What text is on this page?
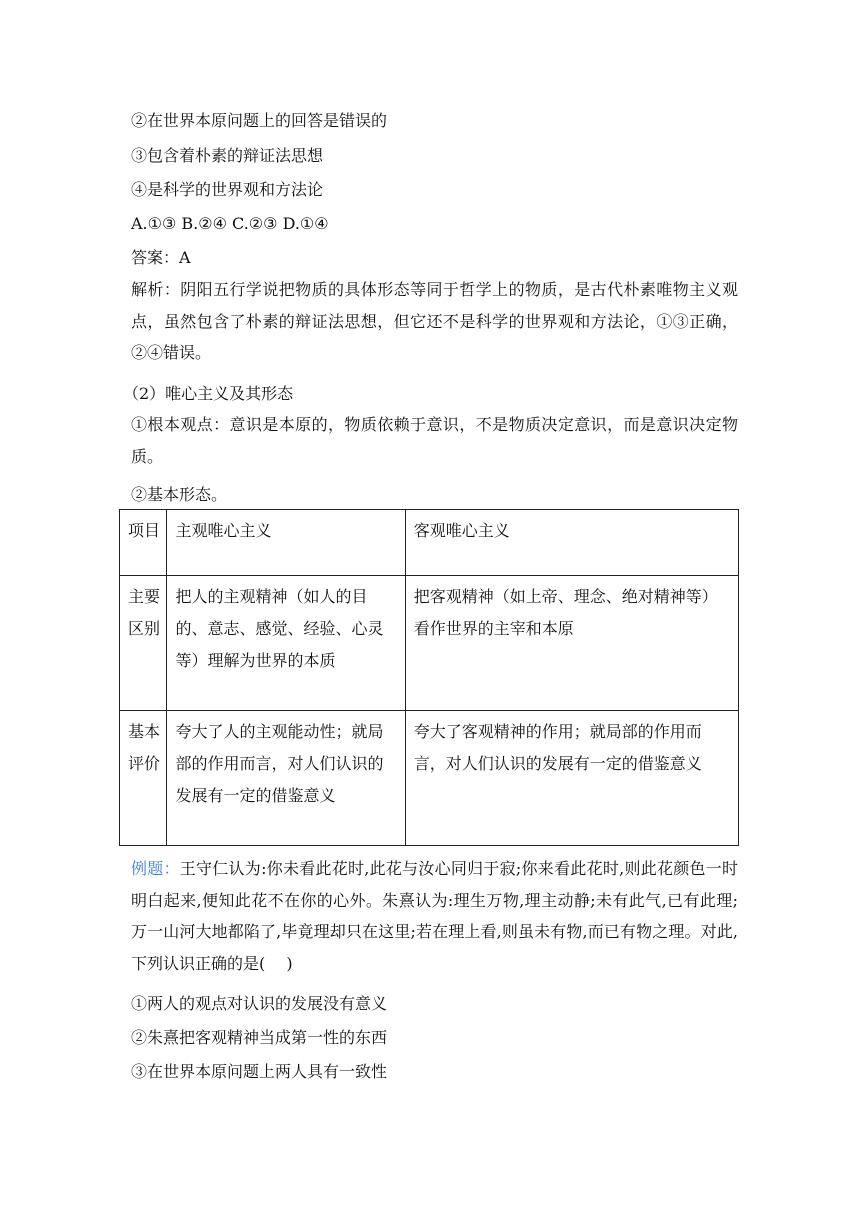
②在世界本原问题上的回答是错误的
③包含着朴素的辩证法思想
④是科学的世界观和方法论
A.①③ B.②④ C.②③ D.①④
答案：A
解析：阴阳五行学说把物质的具体形态等同于哲学上的物质，是古代朴素唯物主义观点，虽然包含了朴素的辩证法思想，但它还不是科学的世界观和方法论，①③正确，②④错误。
（2）唯心主义及其形态
①根本观点：意识是本原的，物质依赖于意识，不是物质决定意识，而是意识决定物质。
②基本形态。
项目	主观唯心主义	客观唯心主义
主要区别	把人的主观精神（如人的目的、意志、感觉、经验、心灵等）理解为世界的本质	把客观精神（如上帝、理念、绝对精神等）看作世界的主宰和本原
基本评价	夸大了人的主观能动性；就局部的作用而言，对人们认识的发展有一定的借鉴意义	夸大了客观精神的作用；就局部的作用而言，对人们认识的发展有一定的借鉴意义
例题：王守仁认为:你未看此花时,此花与汝心同归于寂;你来看此花时,则此花颜色一时明白起来,便知此花不在你的心外。朱熹认为:理生万物,理主动静;未有此气,已有此理;万一山河大地都陷了,毕竟理却只在这里;若在理上看,则虽未有物,而已有物之理。对此,下列认识正确的是(　 )
①两人的观点对认识的发展没有意义
②朱熹把客观精神当成第一性的东西
③在世界本原问题上两人具有一致性
